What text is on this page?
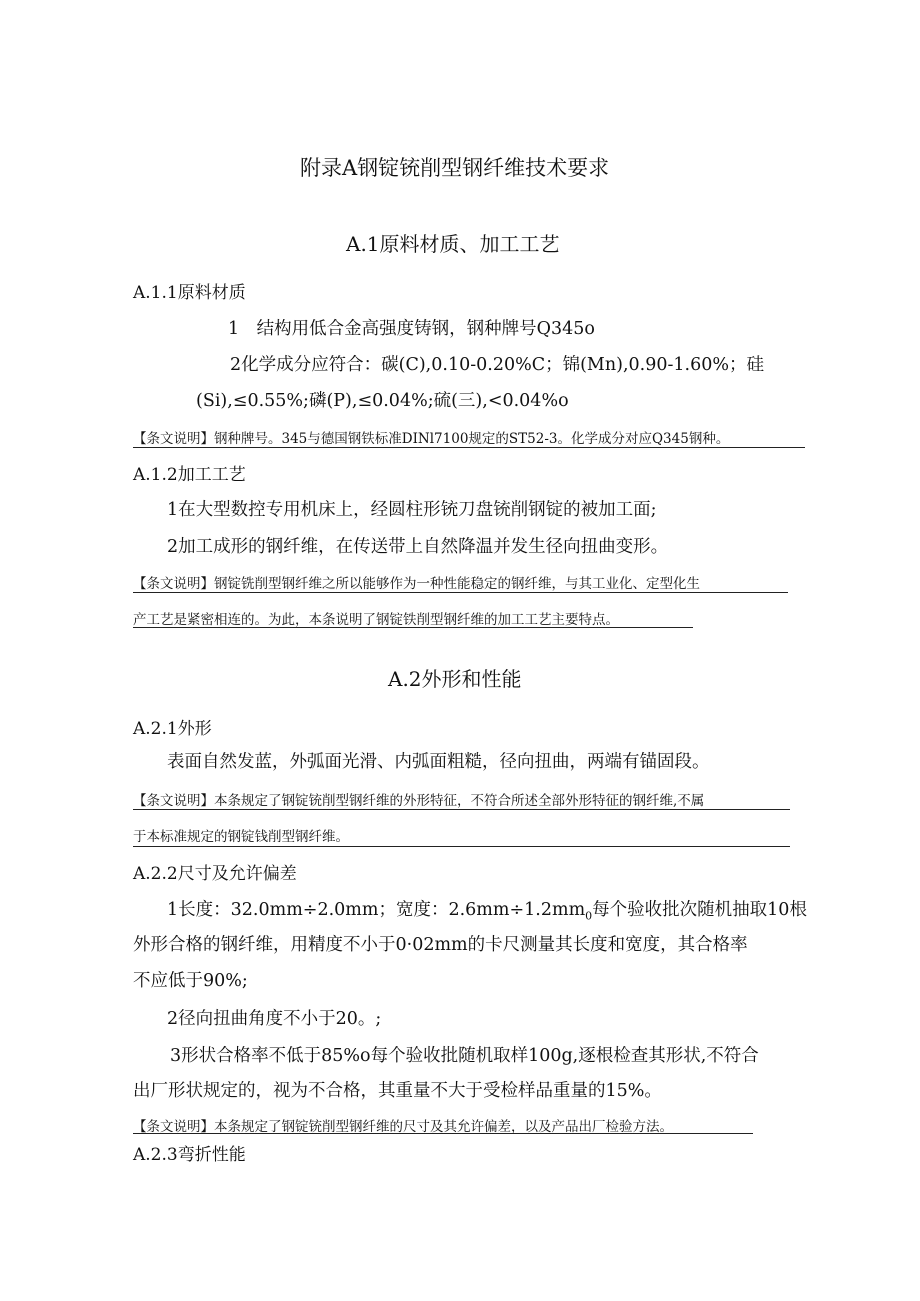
附录A钢锭铳削型钢纤维技术要求
A.1原料材质、加工工艺
A.1.1原料材质
1　结构用低合金高强度铸钢，钢种牌号Q345o
2化学成分应符合：碳(C),0.10-0.20%C；锦(Mn),0.90-1.60%；硅
(Si),≤0.55%;磷(P),≤0.04%;硫(三),<0.04%o
【条文说明】钢种牌号。345与德国钢铁标准DINl7100规定的ST52-3。化学成分对应Q345钢种。
A.1.2加工工艺
1在大型数控专用机床上，经圆柱形铳刀盘铳削钢锭的被加工面;
2加工成形的钢纤维，在传送带上自然降温并发生径向扭曲变形。
【条文说明】钢锭铣削型钢纤维之所以能够作为一种性能稳定的钢纤维，与其工业化、定型化生
产工艺是紧密相连的。为此，本条说明了钢锭铁削型钢纤维的加工工艺主要特点。
A.2外形和性能
A.2.1外形
表面自然发蓝，外弧面光滑、内弧面粗糙，径向扭曲，两端有锚固段。
【条文说明】本条规定了钢锭铳削型钢纤维的外形特征，不符合所述全部外形特征的钢纤维,不属
于本标准规定的钢锭钱削型钢纤维。
A.2.2尺寸及允许偏差
1长度：32.0mm÷2.0mm；宽度：$2.6mm\div 1.2mm_0$每个验收批次随机抽取10根
外形合格的钢纤维，用精度不小于0·02mm的卡尺测量其长度和宽度，其合格率
不应低于90%;
2径向扭曲角度不小于20。;
3形状合格率不低于85%o每个验收批随机取样100g,逐根检查其形状,不符合
出厂形状规定的，视为不合格，其重量不大于受检样品重量的15%。
【条文说明】本条规定了钢锭铳削型钢纤维的尺寸及其允许偏差，以及产品出厂检验方法。
A.2.3弯折性能
